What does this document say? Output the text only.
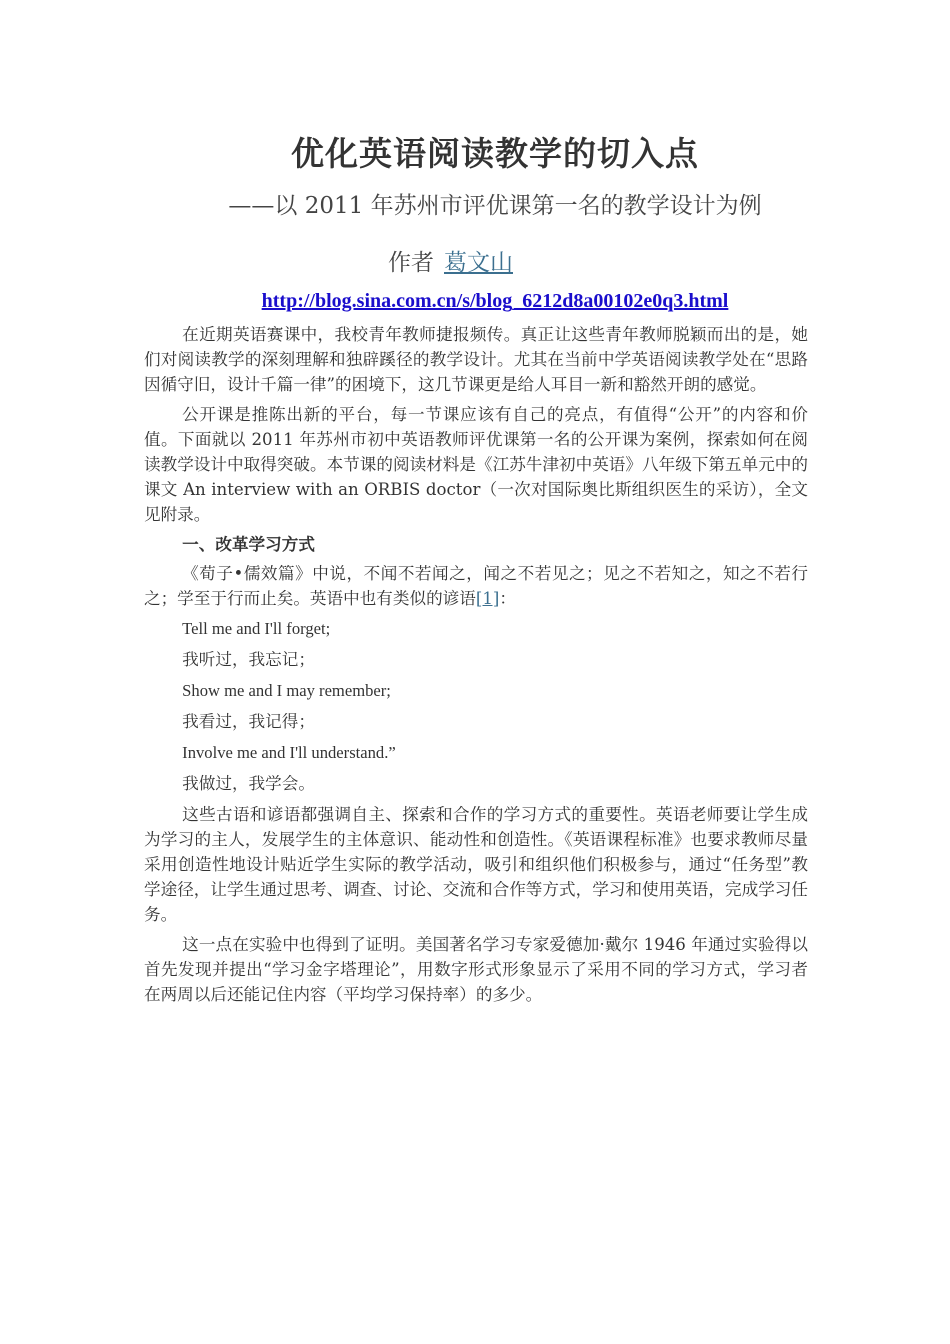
优化英语阅读教学的切入点
——以 2011 年苏州市评优课第一名的教学设计为例
作者 葛文山
http://blog.sina.com.cn/s/blog_6212d8a00102e0q3.html

在近期英语赛课中，我校青年教师捷报频传。真正让这些青年教师脱颖而出的是，她们对阅读教学的深刻理解和独辟蹊径的教学设计。尤其在当前中学英语阅读教学处在“思路因循守旧，设计千篇一律”的困境下，这几节课更是给人耳目一新和豁然开朗的感觉。

公开课是推陈出新的平台，每一节课应该有自己的亮点，有值得“公开”的内容和价值。下面就以 2011 年苏州市初中英语教师评优课第一名的公开课为案例，探索如何在阅读教学设计中取得突破。本节课的阅读材料是《江苏牛津初中英语》八年级下第五单元中的课文 An interview with an ORBIS doctor（一次对国际奥比斯组织医生的采访），全文见附录。

一、改革学习方式

《荀子•儒效篇》中说，不闻不若闻之，闻之不若见之；见之不若知之，知之不若行之；学至于行而止矣。英语中也有类似的谚语[1]：

Tell me and I'll forget;

我听过，我忘记；

Show me and I may remember;

我看过，我记得；

Involve me and I'll understand.”

我做过，我学会。

这些古语和谚语都强调自主、探索和合作的学习方式的重要性。英语老师要让学生成为学习的主人，发展学生的主体意识、能动性和创造性。《英语课程标准》也要求教师尽量采用创造性地设计贴近学生实际的教学活动，吸引和组织他们积极参与，通过“任务型”教学途径，让学生通过思考、调查、讨论、交流和合作等方式，学习和使用英语，完成学习任务。

这一点在实验中也得到了证明。美国著名学习专家爱德加·戴尔 1946 年通过实验得以首先发现并提出“学习金字塔理论”，用数字形式形象显示了采用不同的学习方式，学习者在两周以后还能记住内容（平均学习保持率）的多少。
